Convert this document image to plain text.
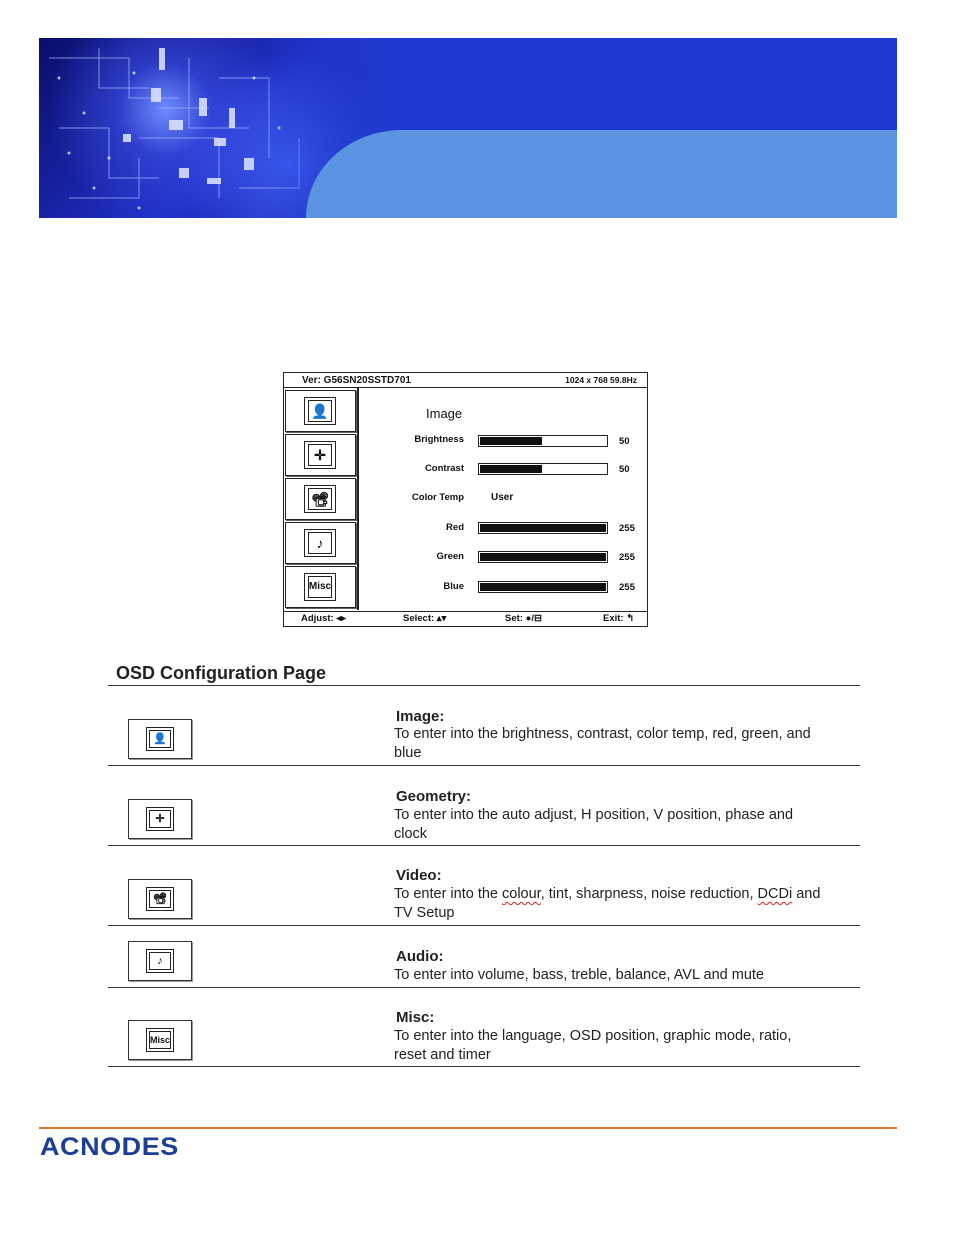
Ver: G56SN20SSTD701	1024 x 768 59.8Hz
👤
✛
📽
♪
Misc
Image
Brightness	50
Contrast	50
Color Temp	User
Red	255
Green	255
Blue	255
Adjust: ◂▸	Select: ▴▾	Set: ●/⊟	Exit: ↰
OSD Configuration Page
👤
Image:
To enter into the brightness, contrast, color temp, red, green, and
blue
✛
Geometry:
To enter into the auto adjust, H position, V position, phase and
clock
📽
Video:
To enter into the colour, tint, sharpness, noise reduction, DCDi and
TV Setup
♪	Audio:
To enter into volume, bass, treble, balance, AVL and mute
Misc
Misc:
To enter into the language, OSD position, graphic mode, ratio,
reset and timer
ACNODES
